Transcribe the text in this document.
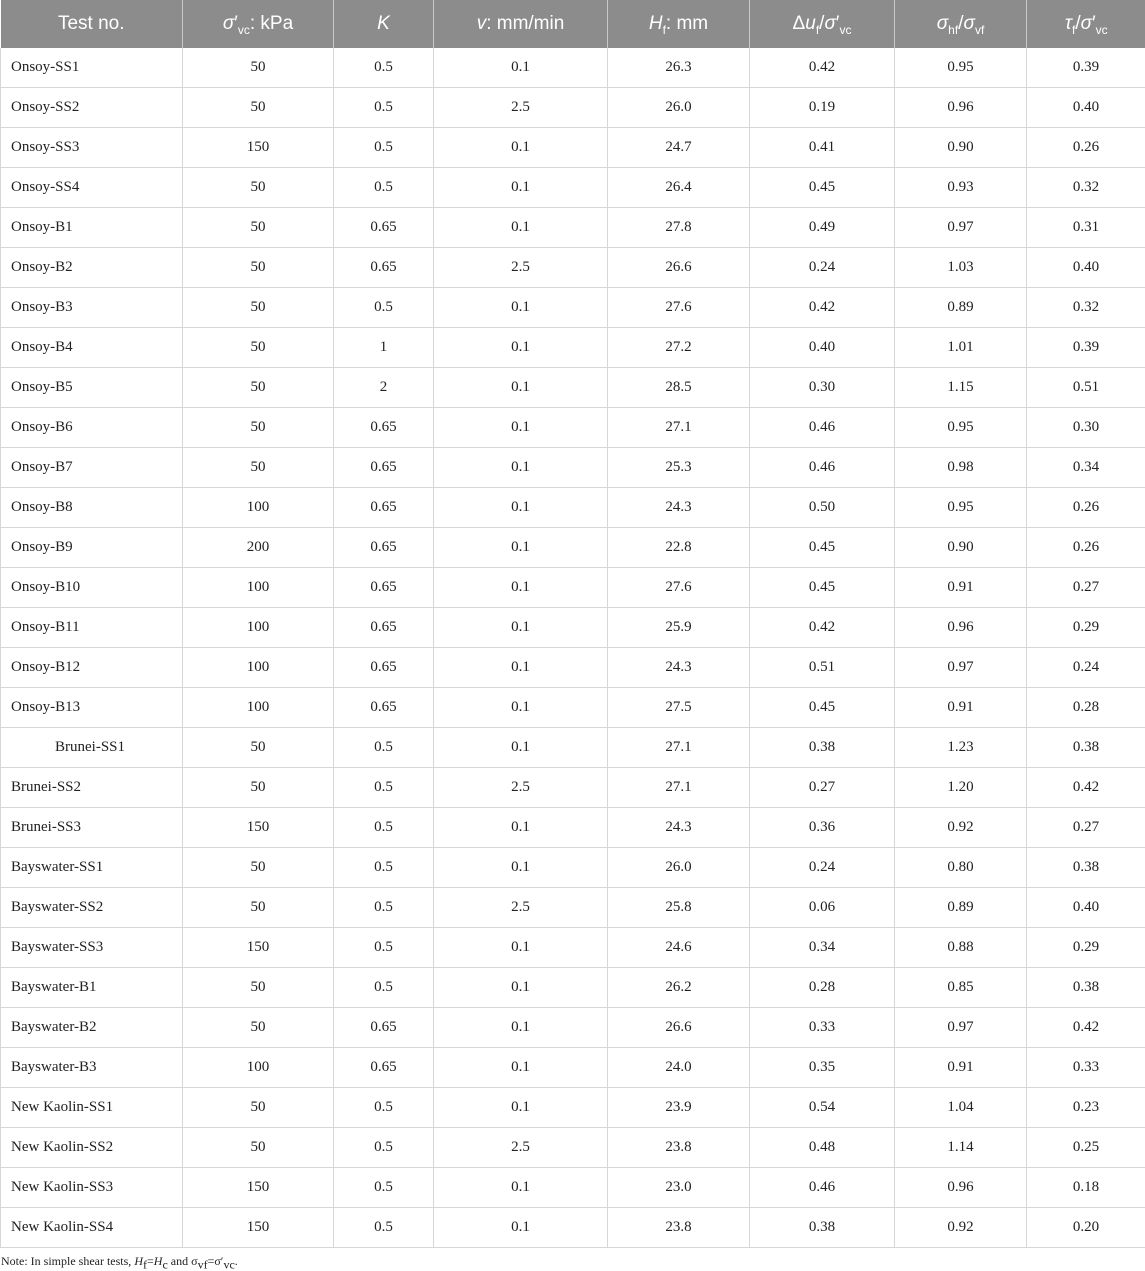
Test no.	$\sigma'_{vc}$: kPa	K	v: mm/min	$H_f$: mm	$\Delta u_f/\sigma'_{vc}$	$\sigma_{hf}/\sigma_{vf}$	$\tau_f/\sigma'_{vc}$
Onsoy-SS1	50	0.5	0.1	26.3	0.42	0.95	0.39
Onsoy-SS2	50	0.5	2.5	26.0	0.19	0.96	0.40
Onsoy-SS3	150	0.5	0.1	24.7	0.41	0.90	0.26
Onsoy-SS4	50	0.5	0.1	26.4	0.45	0.93	0.32
Onsoy-B1	50	0.65	0.1	27.8	0.49	0.97	0.31
Onsoy-B2	50	0.65	2.5	26.6	0.24	1.03	0.40
Onsoy-B3	50	0.5	0.1	27.6	0.42	0.89	0.32
Onsoy-B4	50	1	0.1	27.2	0.40	1.01	0.39
Onsoy-B5	50	2	0.1	28.5	0.30	1.15	0.51
Onsoy-B6	50	0.65	0.1	27.1	0.46	0.95	0.30
Onsoy-B7	50	0.65	0.1	25.3	0.46	0.98	0.34
Onsoy-B8	100	0.65	0.1	24.3	0.50	0.95	0.26
Onsoy-B9	200	0.65	0.1	22.8	0.45	0.90	0.26
Onsoy-B10	100	0.65	0.1	27.6	0.45	0.91	0.27
Onsoy-B11	100	0.65	0.1	25.9	0.42	0.96	0.29
Onsoy-B12	100	0.65	0.1	24.3	0.51	0.97	0.24
Onsoy-B13	100	0.65	0.1	27.5	0.45	0.91	0.28
Brunei-SS1	50	0.5	0.1	27.1	0.38	1.23	0.38
Brunei-SS2	50	0.5	2.5	27.1	0.27	1.20	0.42
Brunei-SS3	150	0.5	0.1	24.3	0.36	0.92	0.27
Bayswater-SS1	50	0.5	0.1	26.0	0.24	0.80	0.38
Bayswater-SS2	50	0.5	2.5	25.8	0.06	0.89	0.40
Bayswater-SS3	150	0.5	0.1	24.6	0.34	0.88	0.29
Bayswater-B1	50	0.5	0.1	26.2	0.28	0.85	0.38
Bayswater-B2	50	0.65	0.1	26.6	0.33	0.97	0.42
Bayswater-B3	100	0.65	0.1	24.0	0.35	0.91	0.33
New Kaolin-SS1	50	0.5	0.1	23.9	0.54	1.04	0.23
New Kaolin-SS2	50	0.5	2.5	23.8	0.48	1.14	0.25
New Kaolin-SS3	150	0.5	0.1	23.0	0.46	0.96	0.18
New Kaolin-SS4	150	0.5	0.1	23.8	0.38	0.92	0.20
Note: In simple shear tests, $H_f=H_c$ and $\sigma_{vf}=\sigma'_{vc}$.
